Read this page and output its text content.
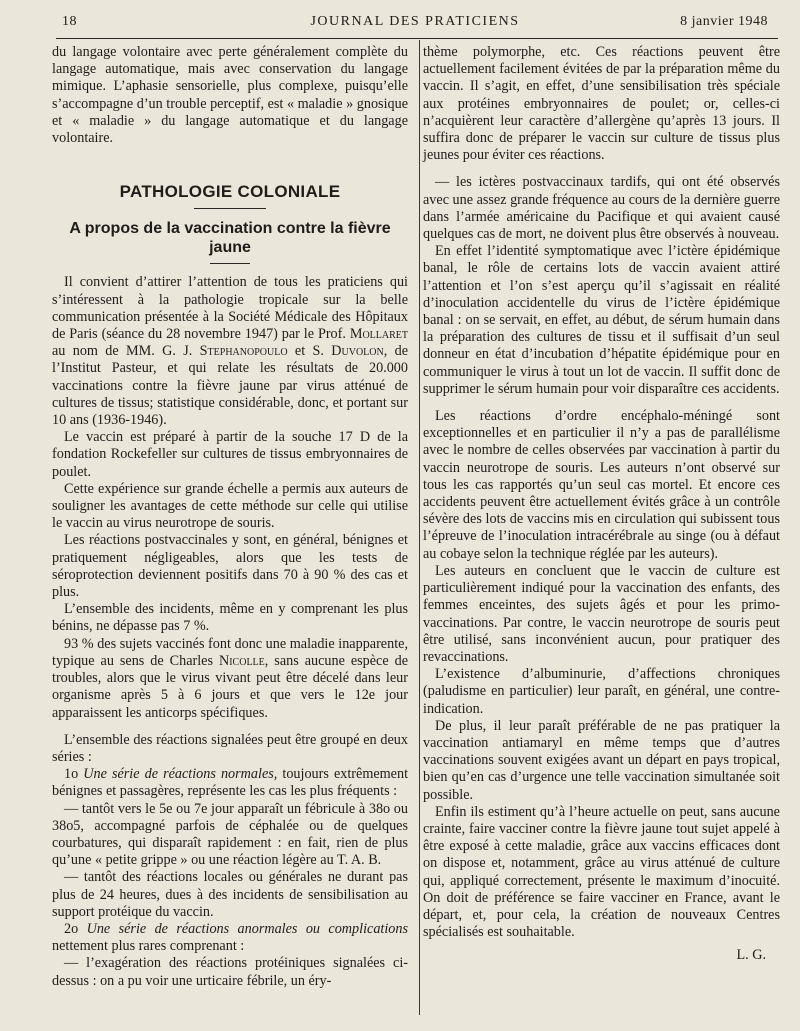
18	JOURNAL DES PRATICIENS	8 janvier 1948

du langage volontaire avec perte généralement complète du langage automatique, mais avec conservation du langage mimique. L’aphasie sensorielle, plus complexe, puisqu’elle s’accompagne d’un trouble perceptif, est « maladie » gnosique et « maladie » du langage automatique et du langage volontaire.

PATHOLOGIE COLONIALE
A propos de la vaccination contre la fièvre jaune

Il convient d’attirer l’attention de tous les praticiens qui s’intéressent à la pathologie tropicale sur la belle communication présentée à la Société Médicale des Hôpitaux de Paris (séance du 28 novembre 1947) par le Prof. Mollaret au nom de MM. G. J. Stephanopoulo et S. Duvolon, de l’Institut Pasteur, et qui relate les résultats de 20.000 vaccinations contre la fièvre jaune par virus atténué de cultures de tissus; statistique considérable, donc, et portant sur 10 ans (1936-1946).

Le vaccin est préparé à partir de la souche 17 D de la fondation Rockefeller sur cultures de tissus embryonnaires de poulet.

Cette expérience sur grande échelle a permis aux auteurs de souligner les avantages de cette méthode sur celle qui utilise le vaccin au virus neurotrope de souris.

Les réactions postvaccinales y sont, en général, bénignes et pratiquement négligeables, alors que les tests de séroprotection deviennent positifs dans 70 à 90 % des cas et plus.

L’ensemble des incidents, même en y comprenant les plus bénins, ne dépasse pas 7 %.

93 % des sujets vaccinés font donc une maladie inapparente, typique au sens de Charles Nicolle, sans aucune espèce de troubles, alors que le virus vivant peut être décelé dans leur organisme après 5 à 6 jours et que vers le 12e jour apparaissent les anticorps spécifiques.

L’ensemble des réactions signalées peut être groupé en deux séries :

1o Une série de réactions normales, toujours extrêmement bénignes et passagères, représente les cas les plus fréquents :

— tantôt vers le 5e ou 7e jour apparaît un fébricule à 38o ou 38o5, accompagné parfois de céphalée ou de quelques courbatures, qui disparaît rapidement : en fait, rien de plus qu’une « petite grippe » ou une réaction légère au T. A. B.

— tantôt des réactions locales ou générales ne durant pas plus de 24 heures, dues à des incidents de sensibilisation au support protéique du vaccin.

2o Une série de réactions anormales ou complications nettement plus rares comprenant :

— l’exagération des réactions protéiniques signalées ci-dessus : on a pu voir une urticaire fébrile, un éry-

thème polymorphe, etc. Ces réactions peuvent être actuellement facilement évitées de par la préparation même du vaccin. Il s’agit, en effet, d’une sensibilisation très spéciale aux protéines embryonnaires de poulet; or, celles-ci n’acquièrent leur caractère d’allergène qu’après 13 jours. Il suffira donc de préparer le vaccin sur culture de tissus plus jeunes pour éviter ces réactions.

— les ictères postvaccinaux tardifs, qui ont été observés avec une assez grande fréquence au cours de la dernière guerre dans l’armée américaine du Pacifique et qui avaient causé quelques cas de mort, ne doivent plus être observés à nouveau.

En effet l’identité symptomatique avec l’ictère épidémique banal, le rôle de certains lots de vaccin avaient attiré l’attention et l’on s’est aperçu qu’il s’agissait en réalité d’inoculation accidentelle du virus de l’ictère épidémique banal : on se servait, en effet, au début, de sérum humain dans la préparation des cultures de tissu et il suffisait d’un seul donneur en état d’incubation d’hépatite épidémique pour en communiquer le virus à tout un lot de vaccin. Il suffit donc de supprimer le sérum humain pour voir disparaître ces accidents.

Les réactions d’ordre encéphalo-méningé sont exceptionnelles et en particulier il n’y a pas de parallélisme avec le nombre de celles observées par vaccination à partir du vaccin neurotrope de souris. Les auteurs n’ont observé sur tous les cas rapportés qu’un seul cas mortel. Et encore ces accidents peuvent être actuellement évités grâce à un contrôle sévère des lots de vaccins mis en circulation qui subissent tous l’épreuve de l’inoculation intracérébrale au singe (ou à défaut au cobaye selon la technique réglée par les auteurs).

Les auteurs en concluent que le vaccin de culture est particulièrement indiqué pour la vaccination des enfants, des femmes enceintes, des sujets âgés et pour les primo-vaccinations. Par contre, le vaccin neurotrope de souris peut être utilisé, sans inconvénient aucun, pour pratiquer des revaccinations.

L’existence d’albuminurie, d’affections chroniques (paludisme en particulier) leur paraît, en général, une contre-indication.

De plus, il leur paraît préférable de ne pas pratiquer la vaccination antiamaryl en même temps que d’autres vaccinations souvent exigées avant un départ en pays tropical, bien qu’en cas d’urgence une telle vaccination simultanée soit possible.

Enfin ils estiment qu’à l’heure actuelle on peut, sans aucune crainte, faire vacciner contre la fièvre jaune tout sujet appelé à être exposé à cette maladie, grâce aux vaccins efficaces dont on dispose et, notamment, grâce au virus atténué de culture qui, appliqué correctement, présente le maximum d’inocuité. On doit de préférence se faire vacciner en France, avant le départ, et, pour cela, la création de nouveaux Centres spécialisés est souhaitable.

L. G.
